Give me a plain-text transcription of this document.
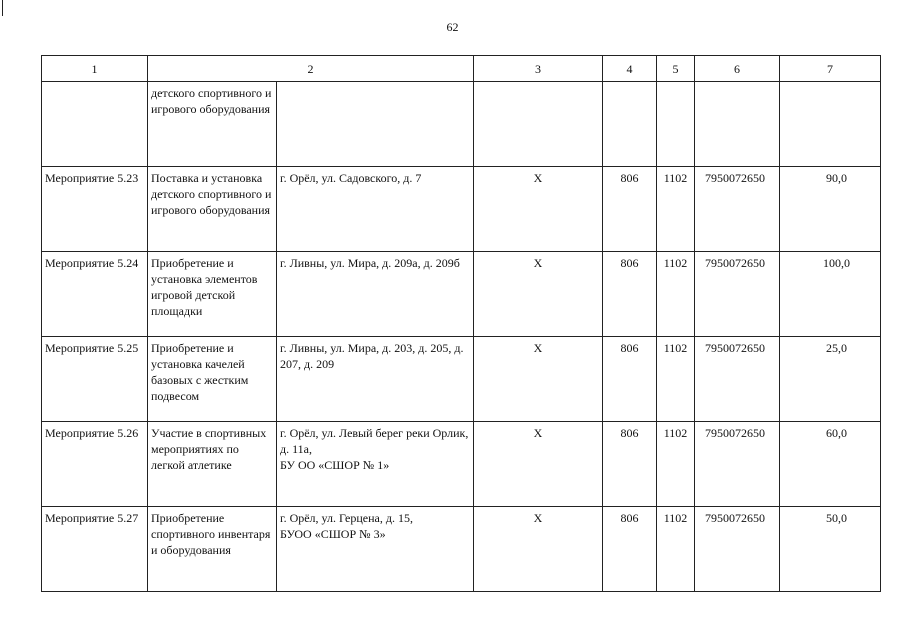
62
1	2		3	4	5	6	7

	детского спортивного и игрового оборудования						

Мероприятие 5.23	Поставка и установка детского спортивного и игрового оборудования	г. Орёл, ул. Садовского, д. 7	Х	806	1102	7950072650	90,0

Мероприятие 5.24	Приобретение и установка элементов игровой детской площадки	г. Ливны, ул. Мира, д. 209а, д. 209б	Х	806	1102	7950072650	100,0

Мероприятие 5.25	Приобретение и установка качелей базовых с жестким подвесом	г. Ливны, ул. Мира, д. 203, д. 205, д. 207, д. 209	Х	806	1102	7950072650	25,0

Мероприятие 5.26	Участие в спортивных мероприятиях по легкой атлетике	г. Орёл, ул. Левый берег реки Орлик, д. 11а,
БУ ОО «СШОР № 1»	Х	806	1102	7950072650	60,0

Мероприятие 5.27	Приобретение спортивного инвентаря и оборудования	г. Орёл, ул. Герцена, д. 15,
БУОО «СШОР № 3»	Х	806	1102	7950072650	50,0
